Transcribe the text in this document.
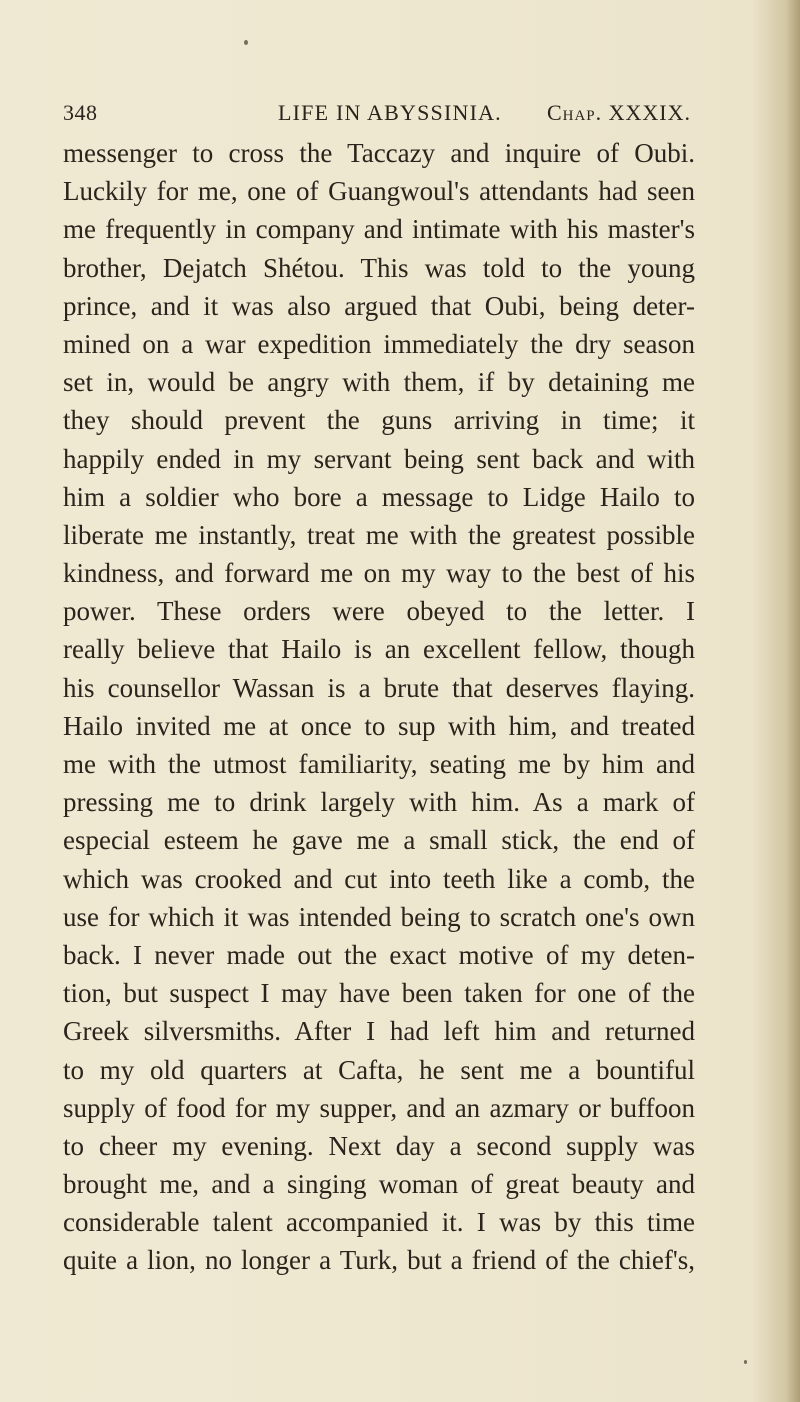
348	LIFE IN ABYSSINIA. Chap. XXXIX.
messenger to cross the Taccazy and inquire of Oubi.
Luckily for me, one of Guangwoul's attendants had seen
me frequently in company and intimate with his master's
brother, Dejatch Shétou. This was told to the young
prince, and it was also argued that Oubi, being deter-
mined on a war expedition immediately the dry season
set in, would be angry with them, if by detaining me
they should prevent the guns arriving in time; it
happily ended in my servant being sent back and with
him a soldier who bore a message to Lidge Hailo to
liberate me instantly, treat me with the greatest possible
kindness, and forward me on my way to the best of his
power. These orders were obeyed to the letter. I
really believe that Hailo is an excellent fellow, though
his counsellor Wassan is a brute that deserves flaying.
Hailo invited me at once to sup with him, and treated
me with the utmost familiarity, seating me by him and
pressing me to drink largely with him. As a mark of
especial esteem he gave me a small stick, the end of
which was crooked and cut into teeth like a comb, the
use for which it was intended being to scratch one's own
back. I never made out the exact motive of my deten-
tion, but suspect I may have been taken for one of the
Greek silversmiths. After I had left him and returned
to my old quarters at Cafta, he sent me a bountiful
supply of food for my supper, and an azmary or buffoon
to cheer my evening. Next day a second supply was
brought me, and a singing woman of great beauty and
considerable talent accompanied it. I was by this time
quite a lion, no longer a Turk, but a friend of the chief's,
